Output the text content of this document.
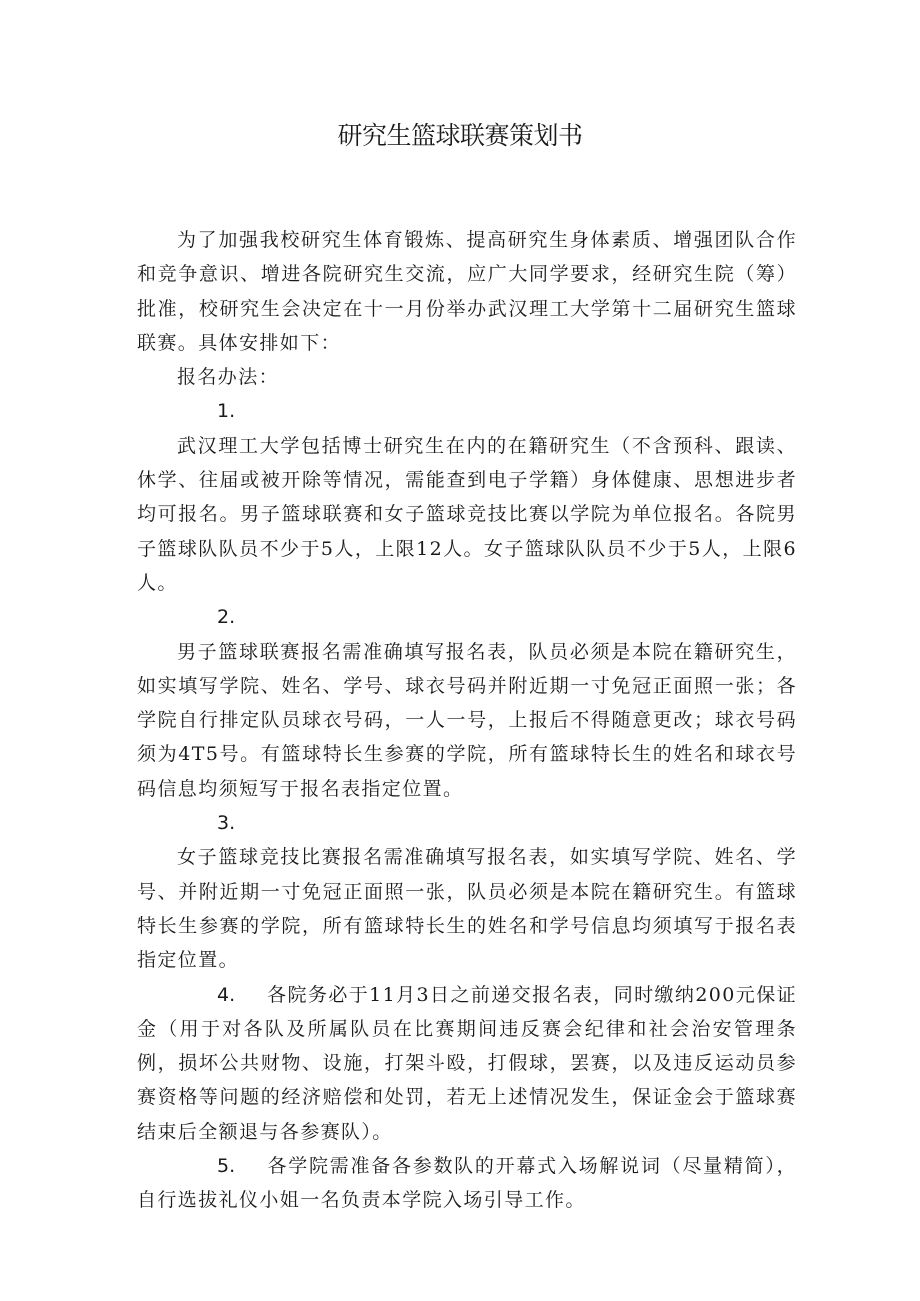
研究生篮球联赛策划书

为了加强我校研究生体育锻炼、提高研究生身体素质、增强团队合作和竞争意识、增进各院研究生交流，应广大同学要求，经研究生院（筹）批准，校研究生会决定在十一月份举办武汉理工大学第十二届研究生篮球联赛。具体安排如下：

报名办法：

1.

武汉理工大学包括博士研究生在内的在籍研究生（不含预科、跟读、休学、往届或被开除等情况，需能查到电子学籍）身体健康、思想进步者均可报名。男子篮球联赛和女子篮球竞技比赛以学院为单位报名。各院男子篮球队队员不少于5人，上限12人。女子篮球队队员不少于5人，上限6人。

2.

男子篮球联赛报名需准确填写报名表，队员必须是本院在籍研究生，如实填写学院、姓名、学号、球衣号码并附近期一寸免冠正面照一张；各学院自行排定队员球衣号码，一人一号，上报后不得随意更改；球衣号码须为4T5号。有篮球特长生参赛的学院，所有篮球特长生的姓名和球衣号码信息均须短写于报名表指定位置。

3.

女子篮球竞技比赛报名需准确填写报名表，如实填写学院、姓名、学号、并附近期一寸免冠正面照一张，队员必须是本院在籍研究生。有篮球特长生参赛的学院，所有篮球特长生的姓名和学号信息均须填写于报名表指定位置。

4. 各院务必于11月3日之前递交报名表，同时缴纳200元保证金（用于对各队及所属队员在比赛期间违反赛会纪律和社会治安管理条例，损坏公共财物、设施，打架斗殴，打假球，罢赛，以及违反运动员参赛资格等问题的经济赔偿和处罚，若无上述情况发生，保证金会于篮球赛结束后全额退与各参赛队）。

5. 各学院需准备各参数队的开幕式入场解说词（尽量精简），自行选拔礼仪小姐一名负责本学院入场引导工作。
